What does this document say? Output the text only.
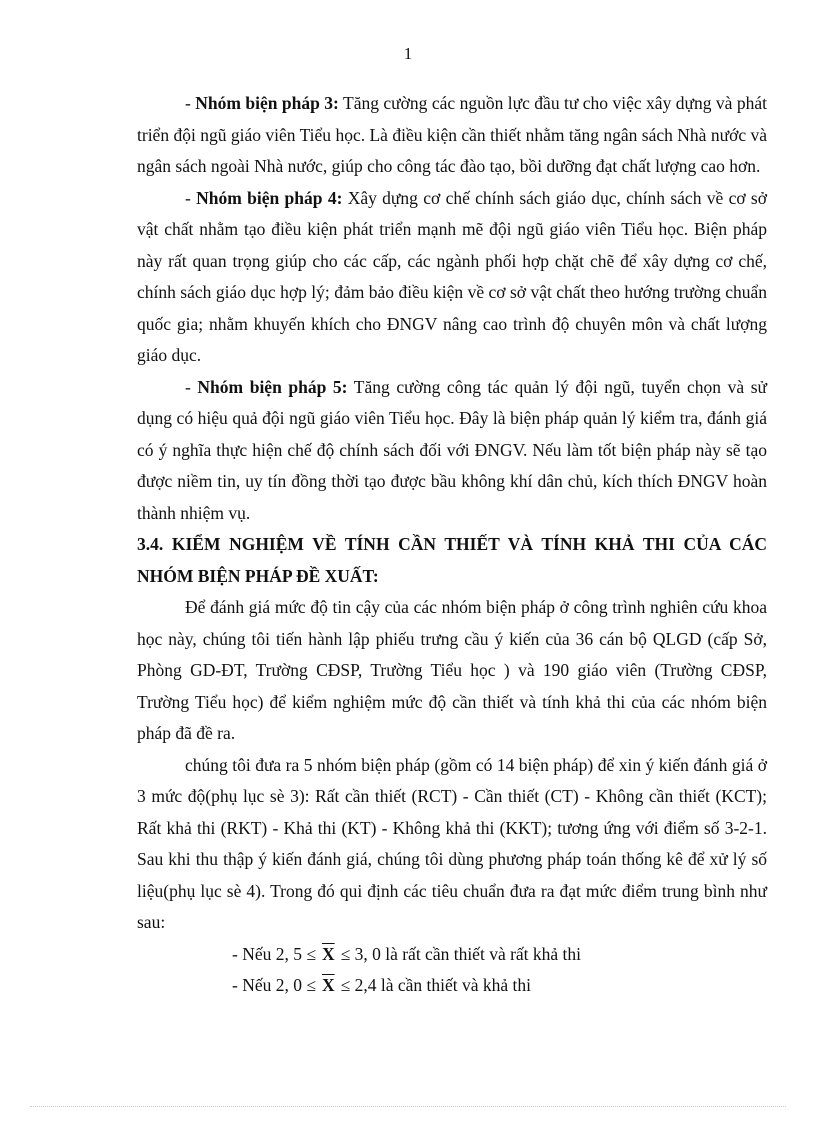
1

- Nhóm biện pháp 3: Tăng cường các nguồn lực đầu tư cho việc xây dựng và phát triển đội ngũ giáo viên Tiểu học. Là điều kiện cần thiết nhằm tăng ngân sách Nhà nước và ngân sách ngoài Nhà nước, giúp cho công tác đào tạo, bồi dưỡng đạt chất lượng cao hơn.

- Nhóm biện pháp 4: Xây dựng cơ chế chính sách giáo dục, chính sách về cơ sở vật chất nhằm tạo điều kiện phát triển mạnh mẽ đội ngũ giáo viên Tiểu học. Biện pháp này rất quan trọng giúp cho các cấp, các ngành phối hợp chặt chẽ để xây dựng cơ chế, chính sách giáo dục hợp lý; đảm bảo điều kiện về cơ sở vật chất theo hướng trường chuẩn quốc gia; nhằm khuyến khích cho ĐNGV nâng cao trình độ chuyên môn và chất lượng giáo dục.

- Nhóm biện pháp 5: Tăng cường công tác quản lý đội ngũ, tuyển chọn và sử dụng có hiệu quả đội ngũ giáo viên Tiểu học. Đây là biện pháp quản lý kiểm tra, đánh giá có ý nghĩa thực hiện chế độ chính sách đối với ĐNGV. Nếu làm tốt biện pháp này sẽ tạo được niềm tin, uy tín đồng thời tạo được bầu không khí dân chủ, kích thích ĐNGV hoàn thành nhiệm vụ.

3.4. KIỂM NGHIỆM VỀ TÍNH CẦN THIẾT VÀ TÍNH KHẢ THI CỦA CÁC NHÓM BIỆN PHÁP ĐỀ XUẤT:

Để đánh giá mức độ tin cậy của các nhóm biện pháp ở công trình nghiên cứu khoa học này, chúng tôi tiến hành lập phiếu trưng cầu ý kiến của 36 cán bộ QLGD (cấp Sở, Phòng GD-ĐT, Trường CĐSP, Trường Tiểu học ) và 190 giáo viên (Trường CĐSP, Trường Tiểu học) để kiểm nghiệm mức độ cần thiết và tính khả thi của các nhóm biện pháp đã đề ra.

chúng tôi đưa ra 5 nhóm biện pháp (gồm có 14 biện pháp) để xin ý kiến đánh giá ở 3 mức độ(phụ lục sè 3): Rất cần thiết (RCT) - Cần thiết (CT) - Không cần thiết (KCT); Rất khả thi (RKT) - Khả thi (KT) - Không khả thi (KKT); tương ứng với điểm số 3-2-1. Sau khi thu thập ý kiến đánh giá, chúng tôi dùng phương pháp toán thống kê để xử lý số liệu(phụ lục sè 4). Trong đó qui định các tiêu chuẩn đưa ra đạt mức điểm trung bình như sau:

- Nếu 2, $5 \le \overline{X} \le 3$, 0 là rất cần thiết và rất khả thi

- Nếu 2, $0 \le \overline{X} \le 2,4$ là cần thiết và khả thi
